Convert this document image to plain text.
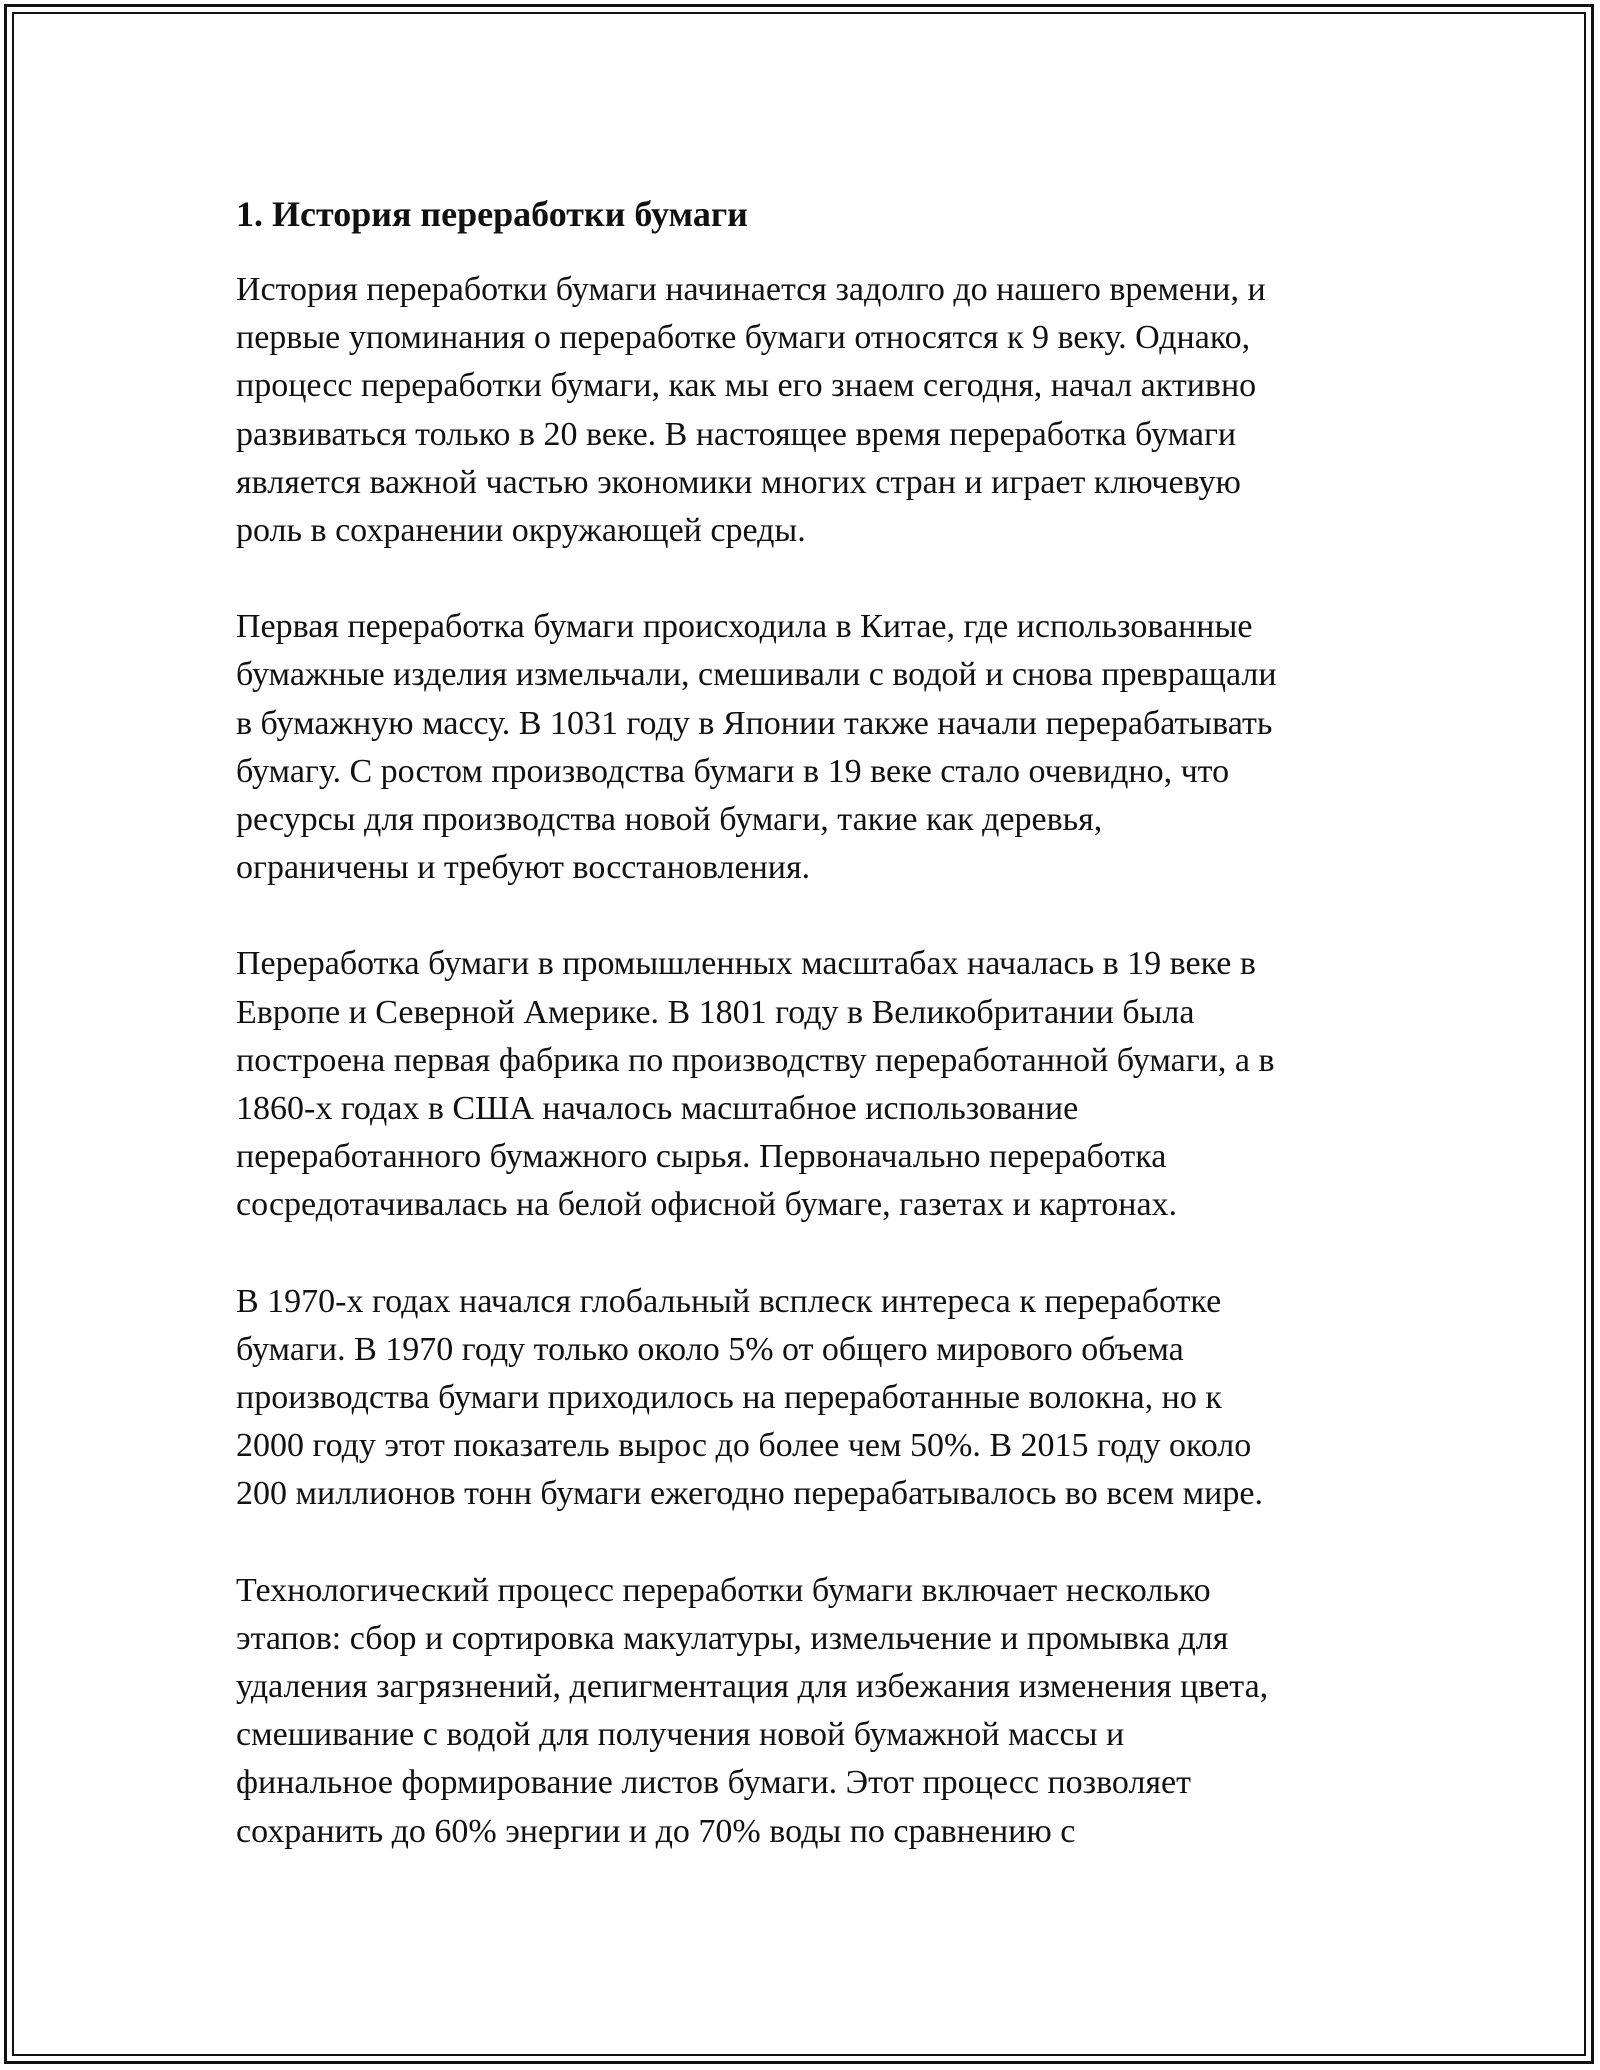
1. История переработки бумаги

История переработки бумаги начинается задолго до нашего времени, и
первые упоминания о переработке бумаги относятся к 9 веку. Однако,
процесс переработки бумаги, как мы его знаем сегодня, начал активно
развиваться только в 20 веке. В настоящее время переработка бумаги
является важной частью экономики многих стран и играет ключевую
роль в сохранении окружающей среды.

Первая переработка бумаги происходила в Китае, где использованные
бумажные изделия измельчали, смешивали с водой и снова превращали
в бумажную массу. В 1031 году в Японии также начали перерабатывать
бумагу. С ростом производства бумаги в 19 веке стало очевидно, что
ресурсы для производства новой бумаги, такие как деревья,
ограничены и требуют восстановления.

Переработка бумаги в промышленных масштабах началась в 19 веке в
Европе и Северной Америке. В 1801 году в Великобритании была
построена первая фабрика по производству переработанной бумаги, а в
1860-х годах в США началось масштабное использование
переработанного бумажного сырья. Первоначально переработка
сосредотачивалась на белой офисной бумаге, газетах и картонах.

В 1970-х годах начался глобальный всплеск интереса к переработке
бумаги. В 1970 году только около 5% от общего мирового объема
производства бумаги приходилось на переработанные волокна, но к
2000 году этот показатель вырос до более чем 50%. В 2015 году около
200 миллионов тонн бумаги ежегодно перерабатывалось во всем мире.

Технологический процесс переработки бумаги включает несколько
этапов: сбор и сортировка макулатуры, измельчение и промывка для
удаления загрязнений, депигментация для избежания изменения цвета,
смешивание с водой для получения новой бумажной массы и
финальное формирование листов бумаги. Этот процесс позволяет
сохранить до 60% энергии и до 70% воды по сравнению с
